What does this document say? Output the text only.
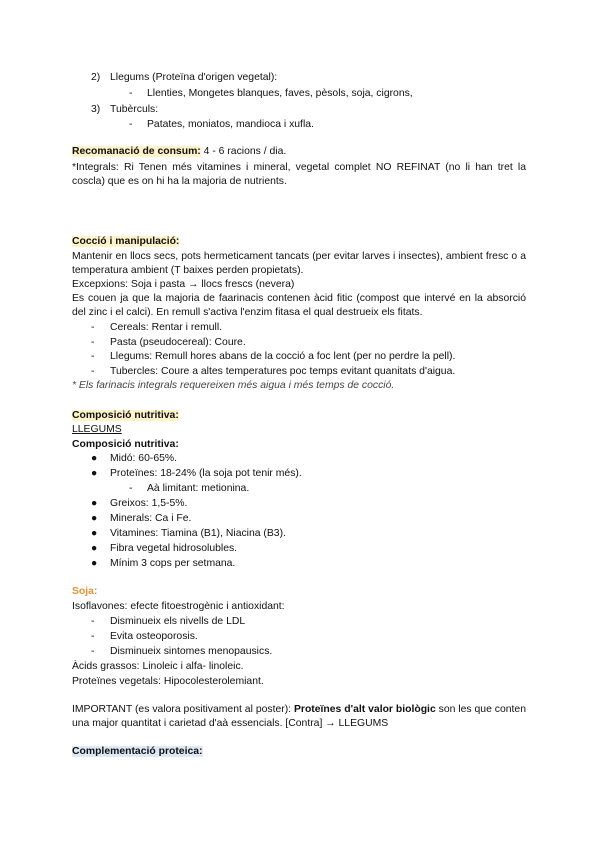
2) Llegums (Proteïna d'origen vegetal):
- Llenties, Mongetes blanques, faves, pèsols, soja, cigrons,
3) Tubèrculs:
- Patates, moniatos, mandioca i xufla.
Recomanació de consum: 4 - 6 racions / dia.
*Integrals: Ri Tenen més vitamines i mineral, vegetal complet NO REFINAT (no li han tret la coscla) que es on hi ha la majoria de nutrients.
Cocció i manipulació:
Mantenir en llocs secs, pots hermeticament tancats (per evitar larves i insectes), ambient fresc o a temperatura ambient (T baixes perden propietats).
Excepxions: Soja i pasta → llocs frescs (nevera)
Es couen ja que la majoria de faarinacis contenen àcid fitic (compost que intervé en la absorció del zinc i el calci). En remull s'activa l'enzim fitasa el qual destrueix els fitats.
- Cereals: Rentar i remull.
- Pasta (pseudocereal): Coure.
- Llegums: Remull hores abans de la cocció a foc lent (per no perdre la pell).
- Tubercles: Coure a altes temperatures poc temps evitant quanitats d'aigua.
* Els farinacis integrals requereixen més aigua i més temps de cocció.
Composició nutritiva:
LLEGUMS
Composició nutritiva:
● Midó: 60-65%.
● Proteïnes: 18-24% (la soja pot tenir més).
- Aà limitant: metionina.
● Greixos: 1,5-5%.
● Minerals: Ca i Fe.
● Vitamines: Tiamina (B1), Niacina (B3).
● Fibra vegetal hidrosolubles.
● Mínim 3 cops per setmana.
Soja:
Isoflavones: efecte fitoestrogènic i antioxidant:
- Disminueix els nivells de LDL
- Evita osteoporosis.
- Disminueix sintomes menopausics.
Àcids grassos: Linoleic i alfa- linoleic.
Proteïnes vegetals: Hipocolesterolemiant.
IMPORTANT (es valora positivament al poster): Proteïnes d'alt valor biològic son les que conten una major quantitat i carietad d'aà essencials. [Contra] → LLEGUMS
Complementació proteica:
